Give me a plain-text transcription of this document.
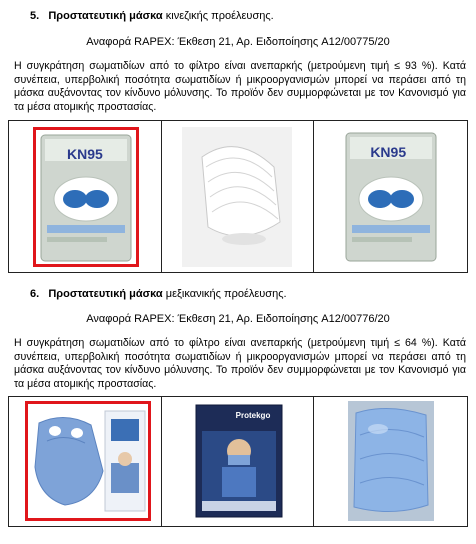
5. Προστατευτική μάσκα κινεζικής προέλευσης.
Αναφορά RAPEX: Έκθεση 21, Αρ. Ειδοποίησης A12/00775/20
Η συγκράτηση σωματιδίων από το φίλτρο είναι ανεπαρκής (μετρούμενη τιμή ≤ 93 %). Κατά συνέπεια, υπερβολική ποσότητα σωματιδίων ή μικροοργανισμών μπορεί να περάσει από τη μάσκα αυξάνοντας τον κίνδυνο μόλυνσης. Το προϊόν δεν συμμορφώνεται με τον Κανονισμό για τα μέσα ατομικής προστασίας.
KN95		KN95
6. Προστατευτική μάσκα μεξικανικής προέλευσης.
Αναφορά RAPEX: Έκθεση 21, Αρ. Ειδοποίησης A12/00776/20
Η συγκράτηση σωματιδίων από το φίλτρο είναι ανεπαρκής (μετρούμενη τιμή ≤ 64 %). Κατά συνέπεια, υπερβολική ποσότητα σωματιδίων ή μικροοργανισμών μπορεί να περάσει από τη μάσκα αυξάνοντας τον κίνδυνο μόλυνσης. Το προϊόν δεν συμμορφώνεται με τον Κανονισμό για τα μέσα ατομικής προστασίας.

Protekgo
